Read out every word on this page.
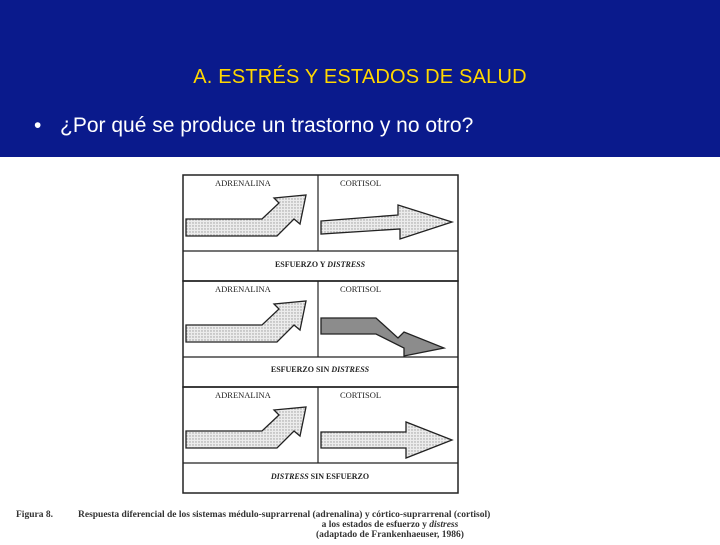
A. ESTRÉS Y ESTADOS DE SALUD
• ¿Por qué se produce un trastorno y no otro?
ADRENALINA	CORTISOL
ESFUERZO Y DISTRESS
ADRENALINA	CORTISOL
ESFUERZO SIN DISTRESS
ADRENALINA	CORTISOL
DISTRESS SIN ESFUERZO
Figura 8.	Respuesta diferencial de los sistemas médulo-suprarrenal (adrenalina) y córtico-suprarrenal (cortisol)
a los estados de esfuerzo y distress
(adaptado de Frankenhaeuser, 1986)
